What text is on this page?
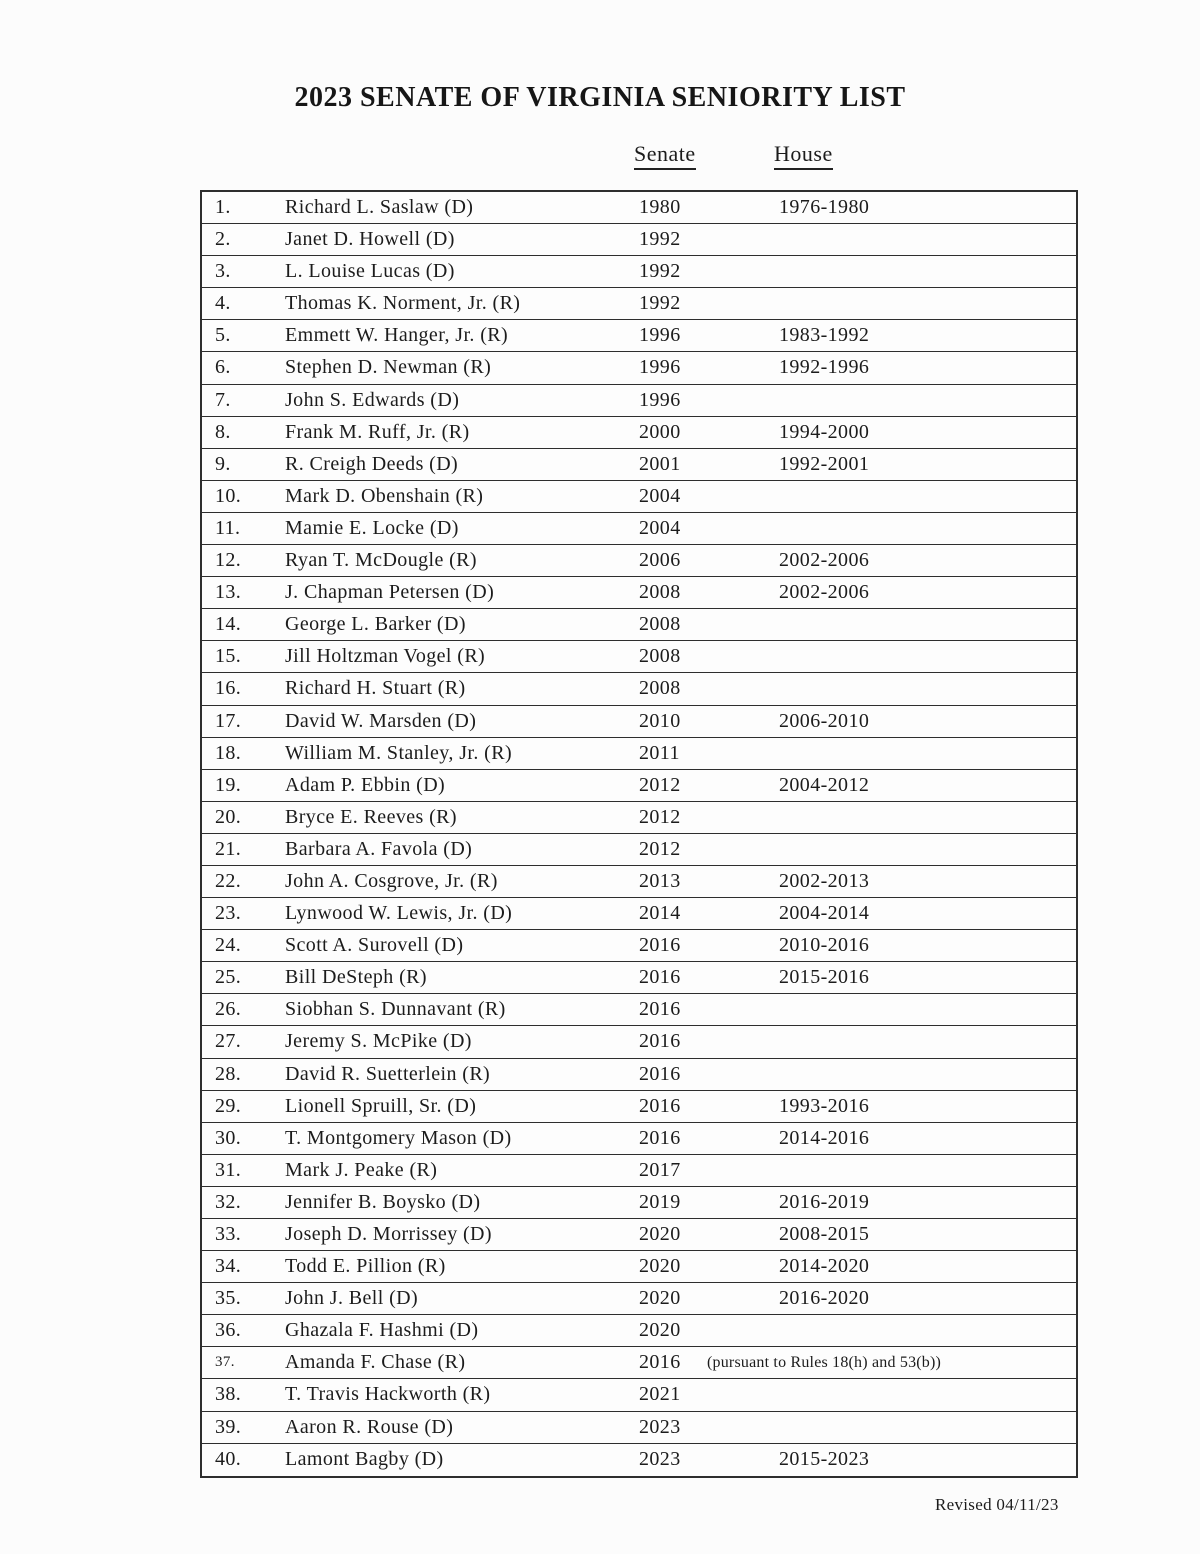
2023 SENATE OF VIRGINIA SENIORITY LIST
Senate	House
1.	Richard L. Saslaw (D)	1980	1976-1980
2.	Janet D. Howell (D)	1992
3.	L. Louise Lucas (D)	1992
4.	Thomas K. Norment, Jr. (R)	1992
5.	Emmett W. Hanger, Jr. (R)	1996	1983-1992
6.	Stephen D. Newman (R)	1996	1992-1996
7.	John S. Edwards (D)	1996
8.	Frank M. Ruff, Jr. (R)	2000	1994-2000
9.	R. Creigh Deeds (D)	2001	1992-2001
10. Mark D. Obenshain (R)	2004
11. Mamie E. Locke (D)	2004
12. Ryan T. McDougle (R)	2006	2002-2006
13. J. Chapman Petersen (D)	2008	2002-2006
14. George L. Barker (D)	2008
15. Jill Holtzman Vogel (R)	2008
16. Richard H. Stuart (R)	2008
17. David W. Marsden (D)	2010	2006-2010
18. William M. Stanley, Jr. (R)	2011
19. Adam P. Ebbin (D)	2012	2004-2012
20. Bryce E. Reeves (R)	2012
21. Barbara A. Favola (D)	2012
22. John A. Cosgrove, Jr. (R)	2013	2002-2013
23. Lynwood W. Lewis, Jr. (D)	2014	2004-2014
24. Scott A. Surovell (D)	2016	2010-2016
25. Bill DeSteph (R)	2016	2015-2016
26. Siobhan S. Dunnavant (R)	2016
27. Jeremy S. McPike (D)	2016
28. David R. Suetterlein (R)	2016
29. Lionell Spruill, Sr. (D)	2016	1993-2016
30. T. Montgomery Mason (D)	2016	2014-2016
31. Mark J. Peake (R)	2017
32. Jennifer B. Boysko (D)	2019	2016-2019
33. Joseph D. Morrissey (D)	2020	2008-2015
34. Todd E. Pillion (R)	2020	2014-2020
35. John J. Bell (D)	2020	2016-2020
36. Ghazala F. Hashmi (D)	2020
37.	Amanda F. Chase (R)	2016 (pursuant to Rules 18(h) and 53(b))
38. T. Travis Hackworth (R)	2021
39. Aaron R. Rouse (D)	2023
40. Lamont Bagby (D)	2023	2015-2023
Revised 04/11/23
